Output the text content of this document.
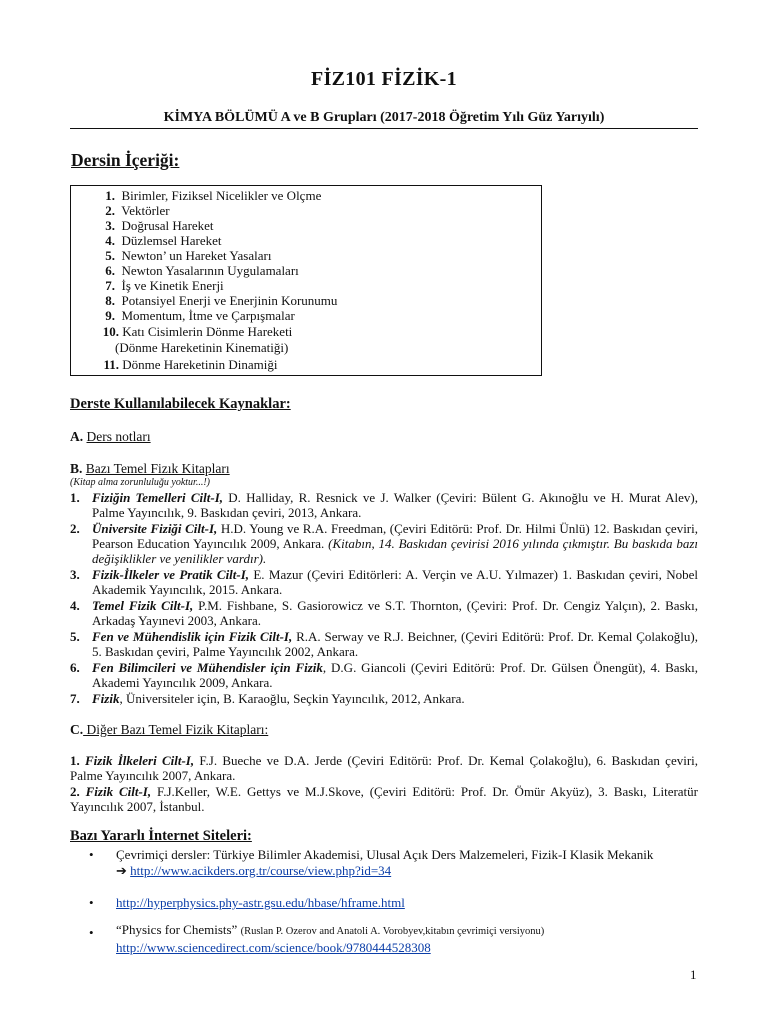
FİZ101 FİZİK-1
KİMYA BÖLÜMÜ A ve B Grupları (2017-2018 Öğretim Yılı Güz Yarıyılı)
Dersin İçeriği:
1. Birimler, Fiziksel Nicelikler ve Olçme
2. Vektörler
3. Doğrusal Hareket
4. Düzlemsel Hareket
5. Newton’ un Hareket Yasaları
6. Newton Yasalarının Uygulamaları
7. İş ve Kinetik Enerji
8. Potansiyel Enerji ve Enerjinin Korunumu
9. Momentum, İtme ve Çarpışmalar
10. Katı Cisimlerin Dönme Hareketi
(Dönme Hareketinin Kinematiği)
11. Dönme Hareketinin Dinamiği
Derste Kullanılabilecek Kaynaklar:
A. Ders notları
B. Bazı Temel Fizık Kitapları
(Kitap alma zorunluluğu yoktur...!)
1. Fiziğin Temelleri Cilt-I, D. Halliday, R. Resnick ve J. Walker (Çeviri: Bülent G. Akınoğlu ve H. Murat Alev), Palme Yayıncılık, 9. Baskıdan çeviri, 2013, Ankara.
2. Üniversite Fiziği Cilt-I, H.D. Young ve R.A. Freedman, (Çeviri Editörü: Prof. Dr. Hilmi Ünlü) 12. Baskıdan çeviri, Pearson Education Yayıncılık 2009, Ankara. (Kitabın, 14. Baskıdan çevirisi 2016 yılında çıkmıştır. Bu baskıda bazı değişiklikler ve yenilikler vardır).
3. Fizik-İlkeler ve Pratik Cilt-I, E. Mazur (Çeviri Editörleri: A. Verçin ve A.U. Yılmazer) 1. Baskıdan çeviri, Nobel Akademik Yayıncılık, 2015. Ankara.
4. Temel Fizik Cilt-I, P.M. Fishbane, S. Gasiorowicz ve S.T. Thornton, (Çeviri: Prof. Dr. Cengiz Yalçın), 2. Baskı, Arkadaş Yayınevi 2003, Ankara.
5. Fen ve Mühendislik için Fizik Cilt-I, R.A. Serway ve R.J. Beichner, (Çeviri Editörü: Prof. Dr. Kemal Çolakoğlu), 5. Baskıdan çeviri, Palme Yayıncılık 2002, Ankara.
6. Fen Bilimcileri ve Mühendisler için Fizik, D.G. Giancoli (Çeviri Editörü: Prof. Dr. Gülsen Önengüt), 4. Baskı, Akademi Yayıncılık 2009, Ankara.
7. Fizik, Üniversiteler için, B. Karaoğlu, Seçkin Yayıncılık, 2012, Ankara.
C. Diğer Bazı Temel Fizik Kitapları:
1. Fizik İlkeleri Cilt-I, F.J. Bueche ve D.A. Jerde (Çeviri Editörü: Prof. Dr. Kemal Çolakoğlu), 6. Baskıdan çeviri, Palme Yayıncılık 2007, Ankara.
2. Fizik Cilt-I, F.J.Keller, W.E. Gettys ve M.J.Skove, (Çeviri Editörü: Prof. Dr. Ömür Akyüz), 3. Baskı, Literatür Yayıncılık 2007, İstanbul.
Bazı Yararlı İnternet Siteleri:
• Çevrimiçi dersler: Türkiye Bilimler Akademisi, Ulusal Açık Ders Malzemeleri, Fizik-I Klasik Mekanik
➔ http://www.acikders.org.tr/course/view.php?id=34
• http://hyperphysics.phy-astr.gsu.edu/hbase/hframe.html
• “Physics for Chemists” (Ruslan P. Ozerov and Anatoli A. Vorobyev,kitabın çevrimiçi versiyonu)
http://www.sciencedirect.com/science/book/9780444528308
1
